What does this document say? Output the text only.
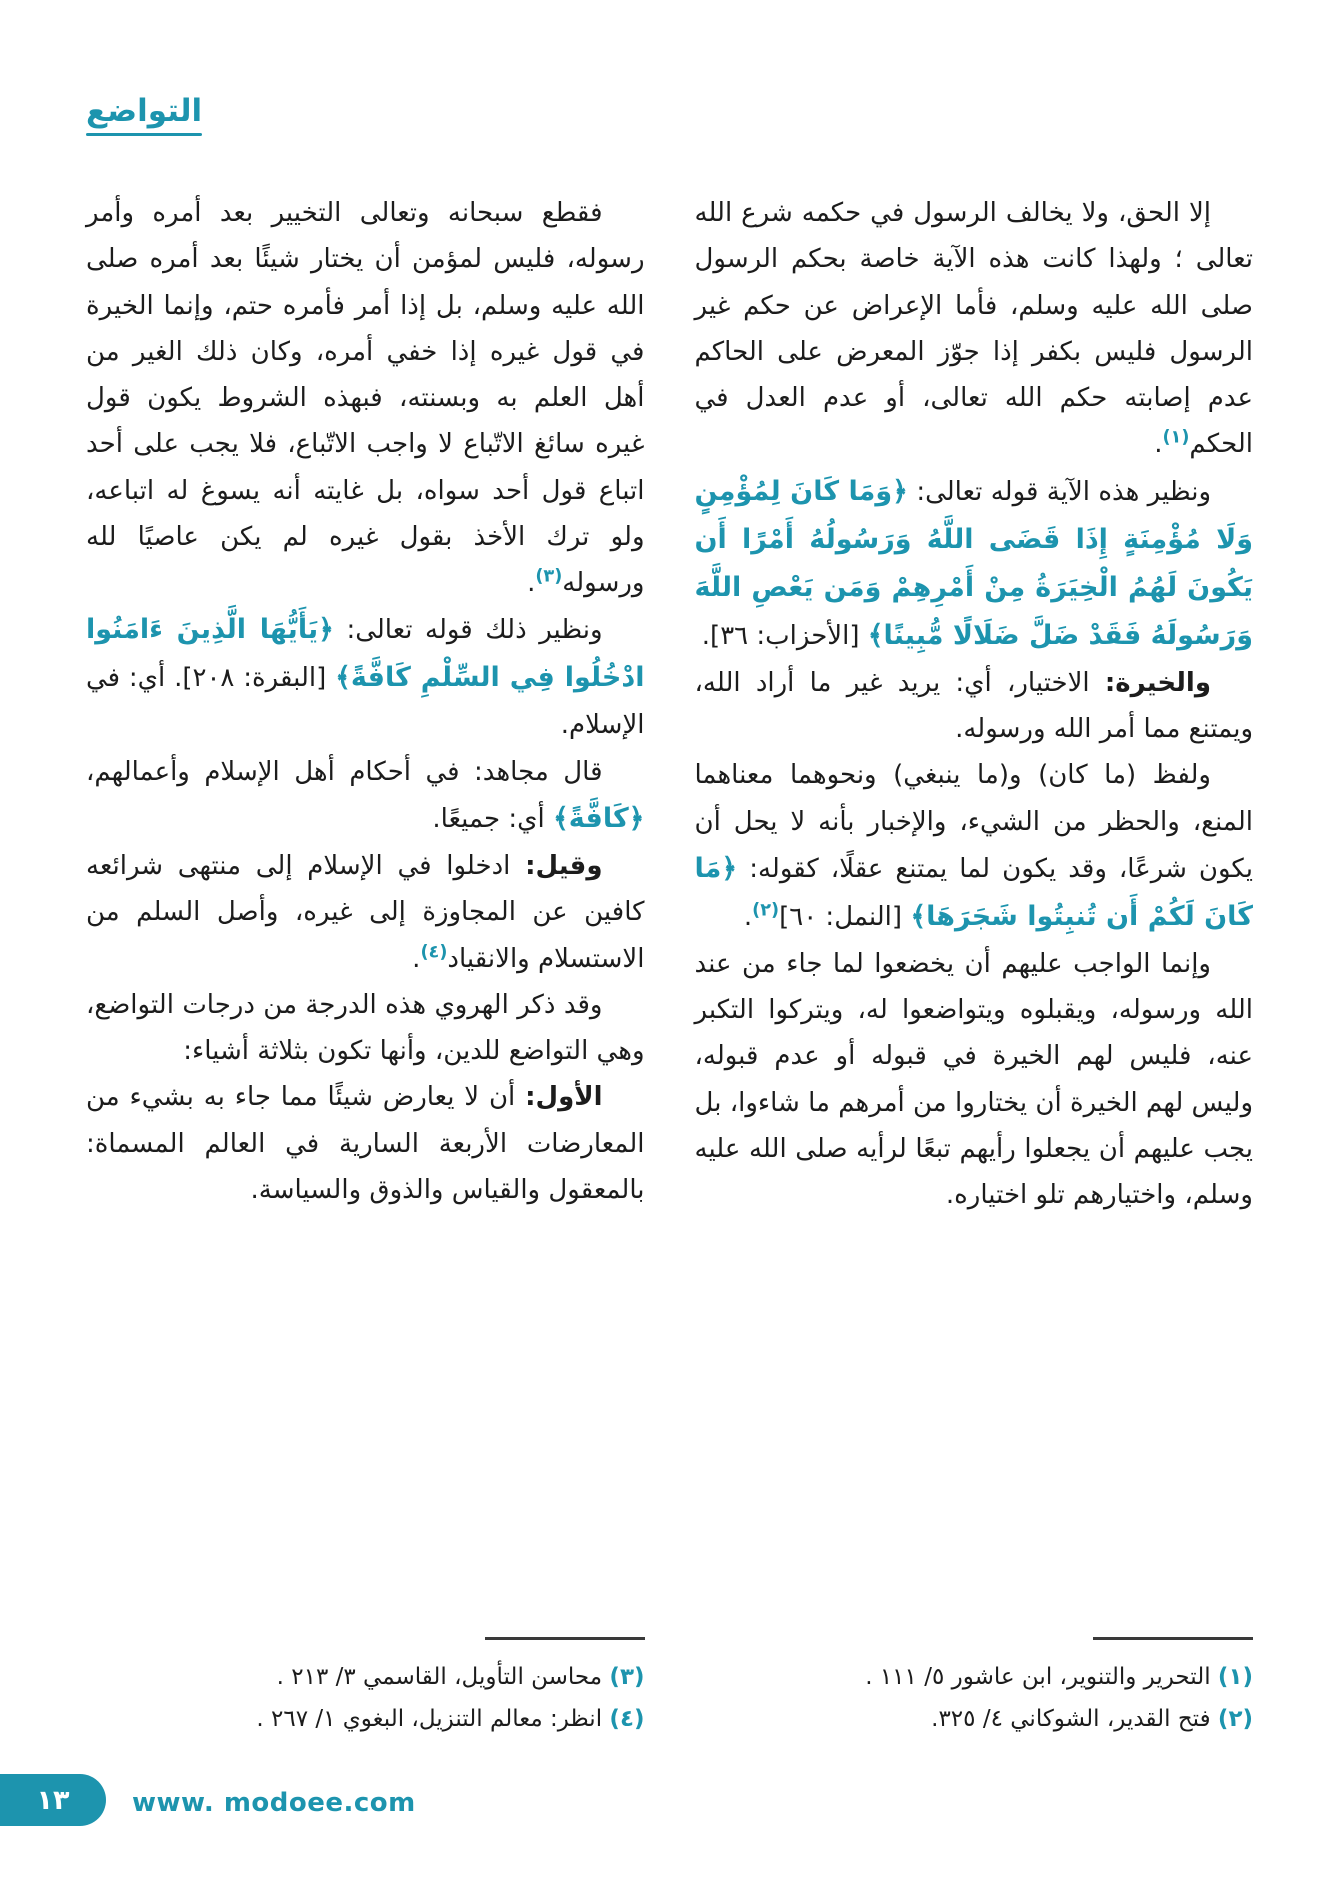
التواضع

إلا الحق، ولا يخالف الرسول في حكمه شرع الله تعالى ؛ ولهذا كانت هذه الآية خاصة بحكم الرسول صلى الله عليه وسلم، فأما الإعراض عن حكم غير الرسول فليس بكفر إذا جوّز المعرض على الحاكم عدم إصابته حكم الله تعالى، أو عدم العدل في الحكم$^{(١)}$.

ونظير هذه الآية قوله تعالى: ﴿وَمَا كَانَ لِمُؤْمِنٍ وَلَا مُؤْمِنَةٍ إِذَا قَضَى اللَّهُ وَرَسُولُهُ أَمْرًا أَن يَكُونَ لَهُمُ الْخِيَرَةُ مِنْ أَمْرِهِمْ وَمَن يَعْصِ اللَّهَ وَرَسُولَهُ فَقَدْ ضَلَّ ضَلَالًا مُّبِينًا﴾ [الأحزاب: ٣٦].

والخيرة: الاختيار، أي: يريد غير ما أراد الله، ويمتنع مما أمر الله ورسوله.

ولفظ (ما كان) و(ما ينبغي) ونحوهما معناهما المنع، والحظر من الشيء، والإخبار بأنه لا يحل أن يكون شرعًا، وقد يكون لما يمتنع عقلًا، كقوله: ﴿مَا كَانَ لَكُمْ أَن تُنبِتُوا شَجَرَهَا﴾ [النمل: ٦٠]$^{(٢)}$.

وإنما الواجب عليهم أن يخضعوا لما جاء من عند الله ورسوله، ويقبلوه ويتواضعوا له، ويتركوا التكبر عنه، فليس لهم الخيرة في قبوله أو عدم قبوله، وليس لهم الخيرة أن يختاروا من أمرهم ما شاءوا، بل يجب عليهم أن يجعلوا رأيهم تبعًا لرأيه صلى الله عليه وسلم، واختيارهم تلو اختياره.

(١) التحرير والتنوير، ابن عاشور ٥/ ١١١ .
(٢) فتح القدير، الشوكاني ٤/ ٣٢٥.

فقطع سبحانه وتعالى التخيير بعد أمره وأمر رسوله، فليس لمؤمن أن يختار شيئًا بعد أمره صلى الله عليه وسلم، بل إذا أمر فأمره حتم، وإنما الخيرة في قول غيره إذا خفي أمره، وكان ذلك الغير من أهل العلم به وبسنته، فبهذه الشروط يكون قول غيره سائغ الاتّباع لا واجب الاتّباع، فلا يجب على أحد اتباع قول أحد سواه، بل غايته أنه يسوغ له اتباعه، ولو ترك الأخذ بقول غيره لم يكن عاصيًا لله ورسوله$^{(٣)}$.

ونظير ذلك قوله تعالى: ﴿يَأَيُّهَا الَّذِينَ ءَامَنُوا ادْخُلُوا فِي السِّلْمِ كَافَّةً﴾ [البقرة: ٢٠٨]. أي: في الإسلام.

قال مجاهد: في أحكام أهل الإسلام وأعمالهم، ﴿كَافَّةً﴾ أي: جميعًا.

وقيل: ادخلوا في الإسلام إلى منتهى شرائعه كافين عن المجاوزة إلى غيره، وأصل السلم من الاستسلام والانقياد$^{(٤)}$.

وقد ذكر الهروي هذه الدرجة من درجات التواضع، وهي التواضع للدين، وأنها تكون بثلاثة أشياء:

الأول: أن لا يعارض شيئًا مما جاء به بشيء من المعارضات الأربعة السارية في العالم المسماة: بالمعقول والقياس والذوق والسياسة.

(٣) محاسن التأويل، القاسمي ٣/ ٢١٣ .
(٤) انظر: معالم التنزيل، البغوي ١/ ٢٦٧ .
١٣ www. modoee.com
